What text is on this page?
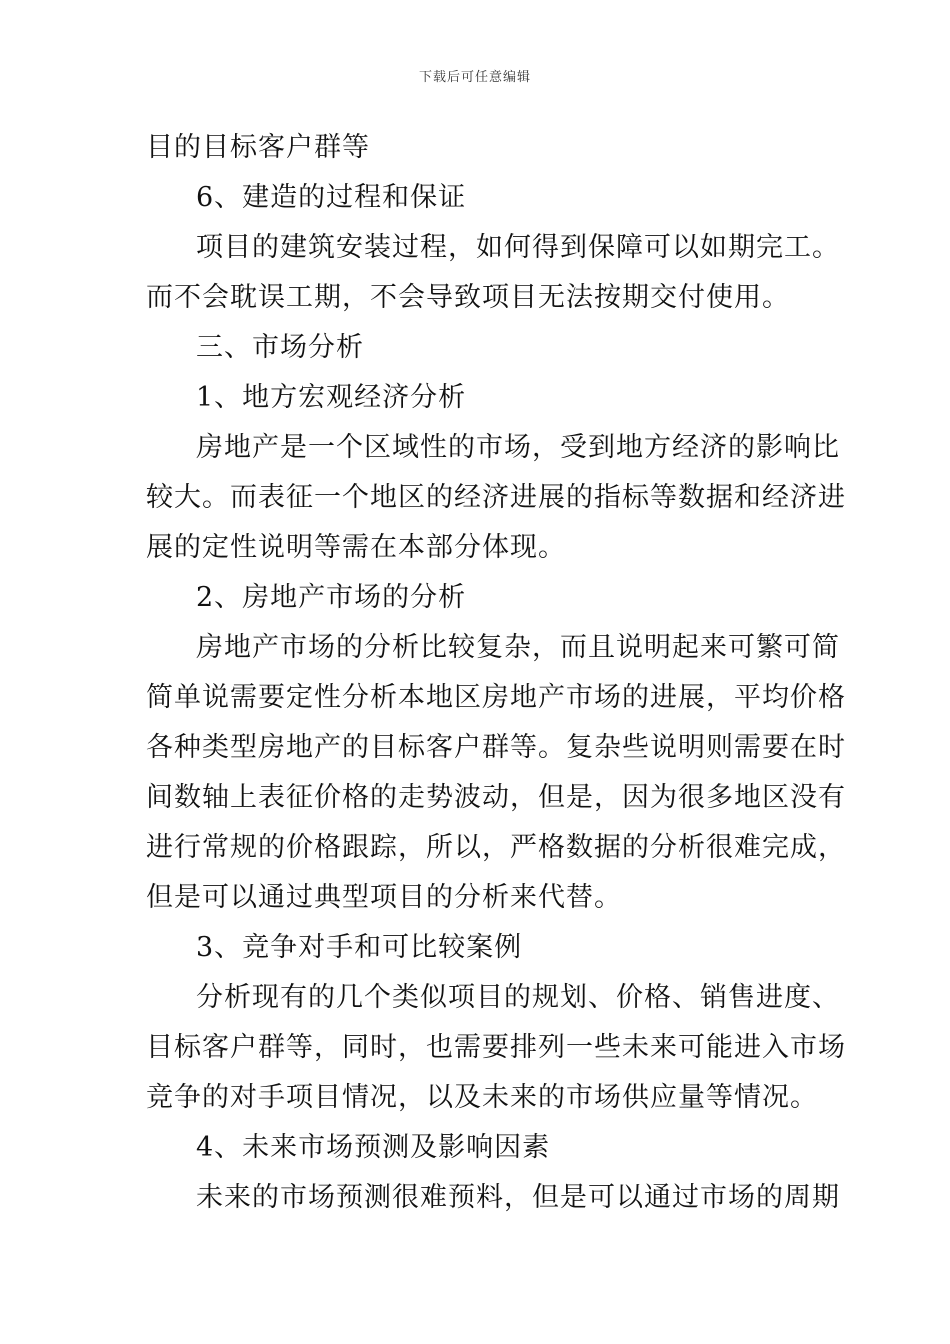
下载后可任意编辑
目的目标客户群等
6、建造的过程和保证
项目的建筑安装过程，如何得到保障可以如期完工。
而不会耽误工期，不会导致项目无法按期交付使用。
三、市场分析
1、地方宏观经济分析
房地产是一个区域性的市场，受到地方经济的影响比
较大。而表征一个地区的经济进展的指标等数据和经济进
展的定性说明等需在本部分体现。
2、房地产市场的分析
房地产市场的分析比较复杂，而且说明起来可繁可简
简单说需要定性分析本地区房地产市场的进展，平均价格
各种类型房地产的目标客户群等。复杂些说明则需要在时
间数轴上表征价格的走势波动，但是，因为很多地区没有
进行常规的价格跟踪，所以，严格数据的分析很难完成，
但是可以通过典型项目的分析来代替。
3、竞争对手和可比较案例
分析现有的几个类似项目的规划、价格、销售进度、
目标客户群等，同时，也需要排列一些未来可能进入市场
竞争的对手项目情况，以及未来的市场供应量等情况。
4、未来市场预测及影响因素
未来的市场预测很难预料，但是可以通过市场的周期
